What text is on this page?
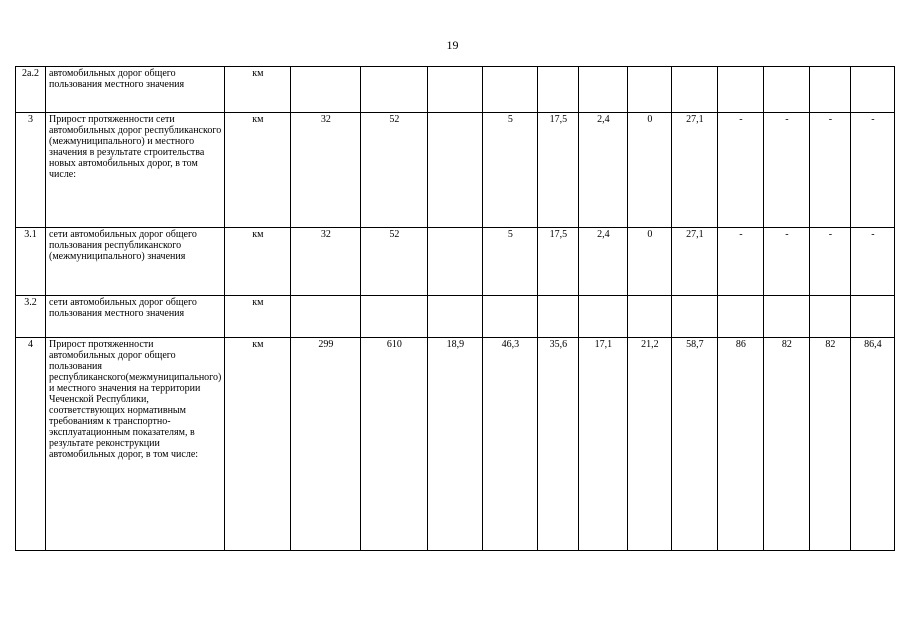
19
2а.2	автомобильных дорог общего пользования местного значения	км												
3	Прирост протяженности сети автомобильных дорог республиканского (межмуниципального) и местного значения в результате строительства новых автомобильных дорог, в том числе:	км	32	52		5	17,5	2,4	0	27,1	-	-	-	-
3.1	сети автомобильных дорог общего пользования республиканского (межмуниципального) значения	км	32	52		5	17,5	2,4	0	27,1	-	-	-	-
3.2	сети автомобильных дорог общего пользования местного значения	км												
4	Прирост протяженности автомобильных дорог общего пользования республиканского(межмуниципального) и местного значения на территории Чеченской Республики, соответствующих нормативным требованиям к транспортно-эксплуатационным показателям, в результате реконструкции автомобильных дорог, в том числе:	км	299	610	18,9	46,3	35,6	17,1	21,2	58,7	86	82	82	86,4
